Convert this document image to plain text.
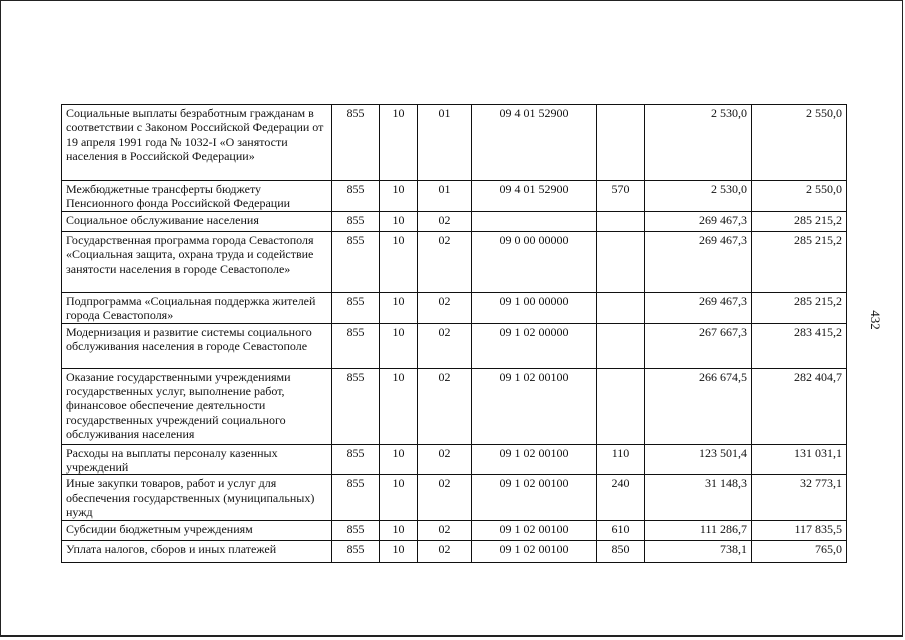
Социальные выплаты безработным гражданам в соответствии с Законом Российской Федерации от 19 апреля 1991 года № 1032-I «О занятости населения в Российской Федерации»	855	10	01	09 4 01 52900		2 530,0	2 550,0
Межбюджетные трансферты бюджету Пенсионного фонда Российской Федерации	855	10	01	09 4 01 52900	570	2 530,0	2 550,0
Социальное обслуживание населения	855	10	02			269 467,3	285 215,2
Государственная программа города Севастополя «Социальная защита, охрана труда и содействие занятости населения в городе Севастополе»	855	10	02	09 0 00 00000		269 467,3	285 215,2
Подпрограмма «Социальная поддержка жителей города Севастополя»	855	10	02	09 1 00 00000		269 467,3	285 215,2
Модернизация и развитие системы социального обслуживания населения в городе Севастополе	855	10	02	09 1 02 00000		267 667,3	283 415,2
Оказание государственными учреждениями государственных услуг, выполнение работ, финансовое обеспечение деятельности государственных учреждений социального обслуживания населения	855	10	02	09 1 02 00100		266 674,5	282 404,7
Расходы на выплаты персоналу казенных учреждений	855	10	02	09 1 02 00100	110	123 501,4	131 031,1
Иные закупки товаров, работ и услуг для обеспечения государственных (муниципальных) нужд	855	10	02	09 1 02 00100	240	31 148,3	32 773,1
Субсидии бюджетным учреждениям	855	10	02	09 1 02 00100	610	111 286,7	117 835,5
Уплата налогов, сборов и иных платежей	855	10	02	09 1 02 00100	850	738,1	765,0
432
